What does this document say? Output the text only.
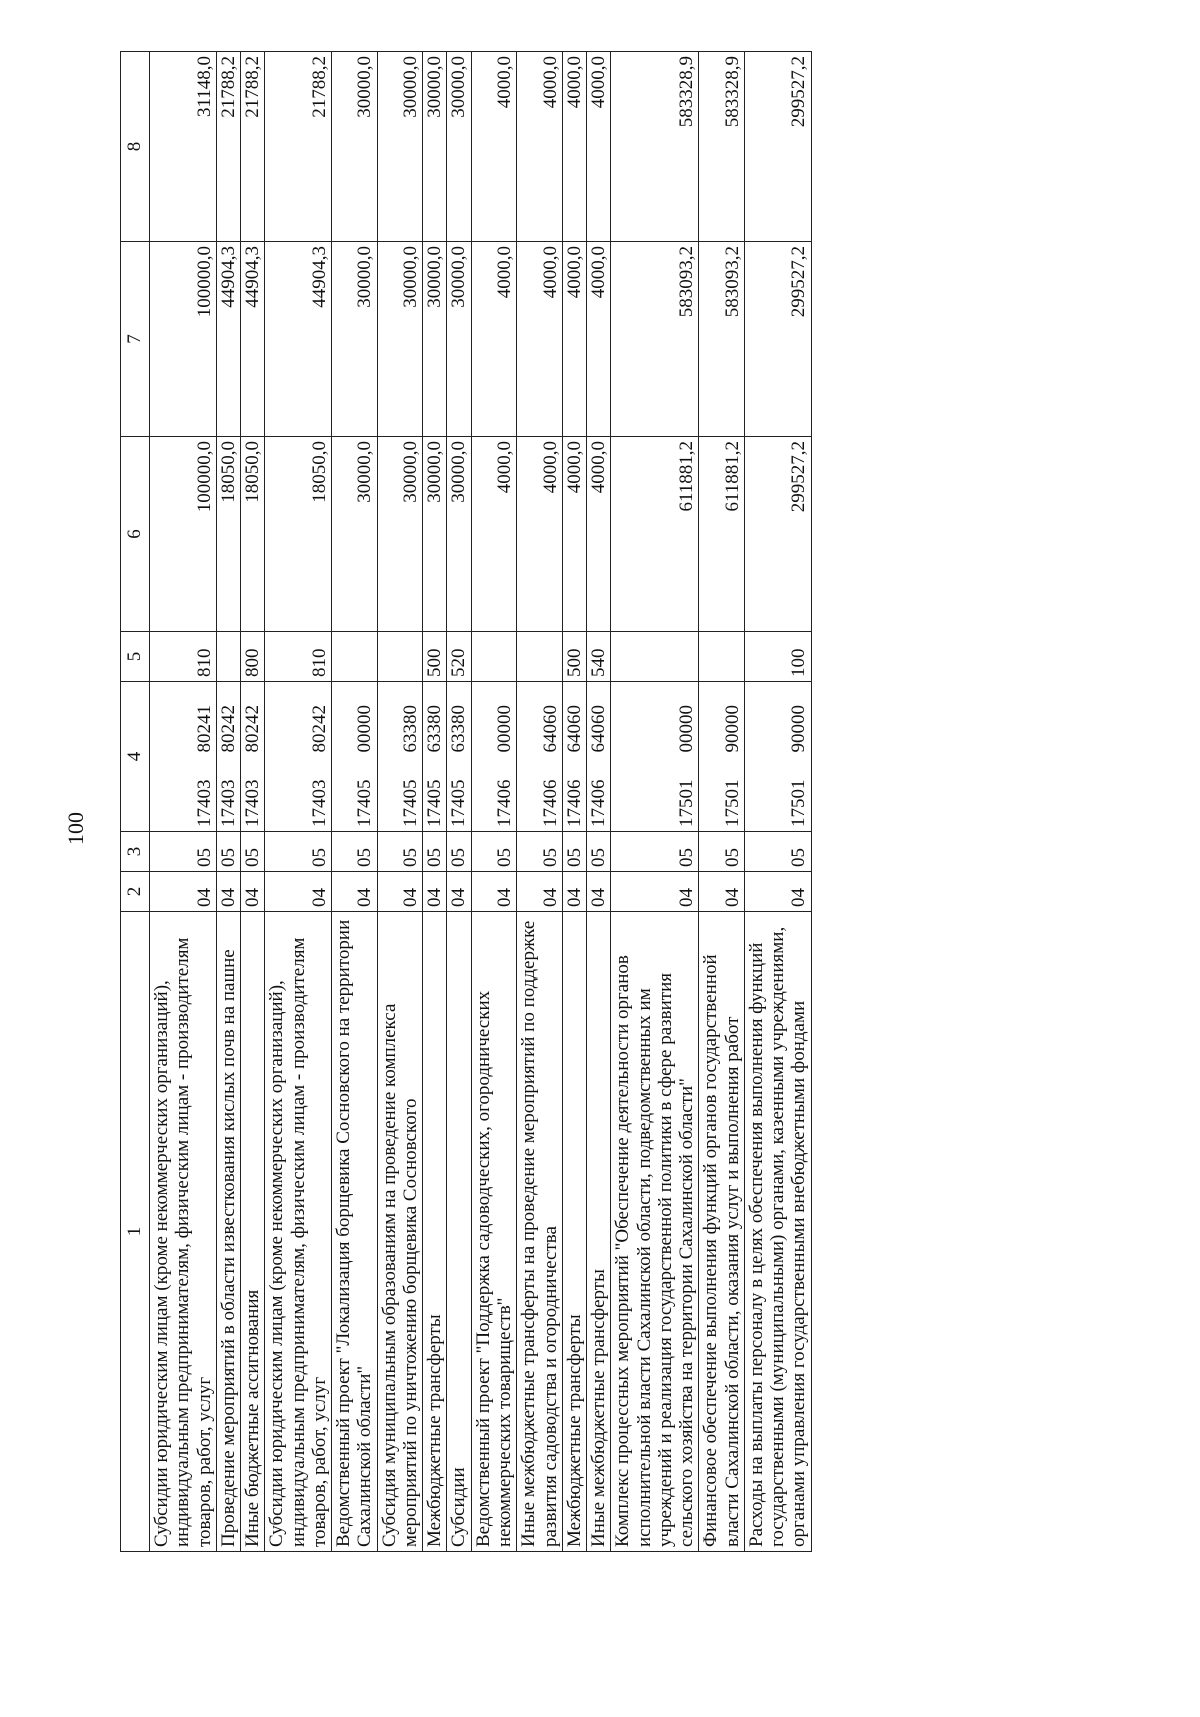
100
1	2	3	4		5	6	7	8
Субсидии юридическим лицам (кроме некоммерческих организаций), индивидуальным предпринимателям, физическим лицам - производителям товаров, работ, услуг	04	05	17403	80241	810	100000,0	100000,0	31148,0
Проведение мероприятий в области известкования кислых почв на пашне	04	05	17403	80242		18050,0	44904,3	21788,2
Иные бюджетные ассигнования	04	05	17403	80242	800	18050,0	44904,3	21788,2
Субсидии юридическим лицам (кроме некоммерческих организаций), индивидуальным предпринимателям, физическим лицам - производителям товаров, работ, услуг	04	05	17403	80242	810	18050,0	44904,3	21788,2
Ведомственный проект "Локализация борщевика Сосновского на территории Сахалинской области"	04	05	17405	00000		30000,0	30000,0	30000,0
Субсидия муниципальным образованиям на проведение комплекса мероприятий по уничтожению борщевика Сосновского	04	05	17405	63380		30000,0	30000,0	30000,0
Межбюджетные трансферты	04	05	17405	63380	500	30000,0	30000,0	30000,0
Субсидии	04	05	17405	63380	520	30000,0	30000,0	30000,0
Ведомственный проект "Поддержка садоводческих, огороднических некоммерческих товариществ"	04	05	17406	00000		4000,0	4000,0	4000,0
Иные межбюджетные трансферты на проведение мероприятий по поддержке развития садоводства и огородничества	04	05	17406	64060		4000,0	4000,0	4000,0
Межбюджетные трансферты	04	05	17406	64060	500	4000,0	4000,0	4000,0
Иные межбюджетные трансферты	04	05	17406	64060	540	4000,0	4000,0	4000,0
Комплекс процессных мероприятий "Обеспечение деятельности органов исполнительной власти Сахалинской области, подведомственных им учреждений и реализация государственной политики в сфере развития сельского хозяйства на территории Сахалинской области"	04	05	17501	00000		611881,2	583093,2	583328,9
Финансовое обеспечение выполнения функций органов государственной власти Сахалинской области, оказания услуг и выполнения работ	04	05	17501	90000		611881,2	583093,2	583328,9
Расходы на выплаты персоналу в целях обеспечения выполнения функций государственными (муниципальными) органами, казенными учреждениями, органами управления государственными внебюджетными фондами	04	05	17501	90000	100	299527,2	299527,2	299527,2
